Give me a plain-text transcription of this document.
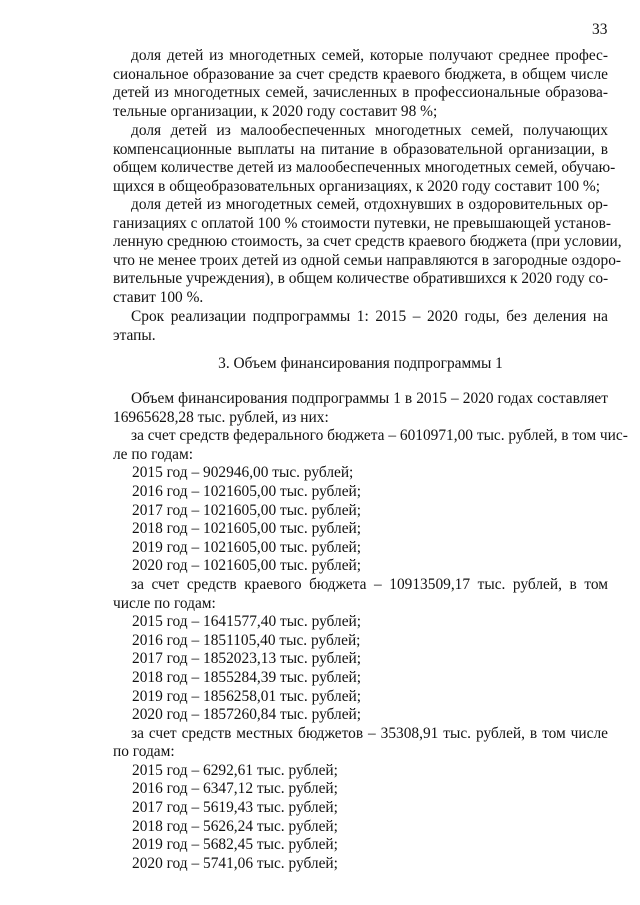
33
доля детей из многодетных семей, которые получают среднее профес-
сиональное образование за счет средств краевого бюджета, в общем числе
детей из многодетных семей, зачисленных в профессиональные образова-
тельные организации, к 2020 году составит 98 %;
доля детей из малообеспеченных многодетных семей, получающих
компенсационные выплаты на питание в образовательной организации, в
общем количестве детей из малообеспеченных многодетных семей, обучаю-
щихся в общеобразовательных организациях, к 2020 году составит 100 %;
доля детей из многодетных семей, отдохнувших в оздоровительных ор-
ганизациях с оплатой 100 % стоимости путевки, не превышающей установ-
ленную среднюю стоимость, за счет средств краевого бюджета (при условии,
что не менее троих детей из одной семьи направляются в загородные оздоро-
вительные учреждения), в общем количестве обратившихся к 2020 году со-
ставит 100 %.
Срок реализации подпрограммы 1: 2015 – 2020 годы, без деления на
этапы.
3. Объем финансирования подпрограммы 1
Объем финансирования подпрограммы 1 в 2015 – 2020 годах составляет
16965628,28 тыс. рублей, из них:
за счет средств федерального бюджета – 6010971,00 тыс. рублей, в том чис-
ле по годам:
2015 год – 902946,00 тыс. рублей;
2016 год – 1021605,00 тыс. рублей;
2017 год – 1021605,00 тыс. рублей;
2018 год – 1021605,00 тыс. рублей;
2019 год – 1021605,00 тыс. рублей;
2020 год – 1021605,00 тыс. рублей;
за счет средств краевого бюджета – 10913509,17 тыс. рублей, в том
числе по годам:
2015 год – 1641577,40 тыс. рублей;
2016 год – 1851105,40 тыс. рублей;
2017 год – 1852023,13 тыс. рублей;
2018 год – 1855284,39 тыс. рублей;
2019 год – 1856258,01 тыс. рублей;
2020 год – 1857260,84 тыс. рублей;
за счет средств местных бюджетов – 35308,91 тыс. рублей, в том числе
по годам:
2015 год – 6292,61 тыс. рублей;
2016 год – 6347,12 тыс. рублей;
2017 год – 5619,43 тыс. рублей;
2018 год – 5626,24 тыс. рублей;
2019 год – 5682,45 тыс. рублей;
2020 год – 5741,06 тыс. рублей;
